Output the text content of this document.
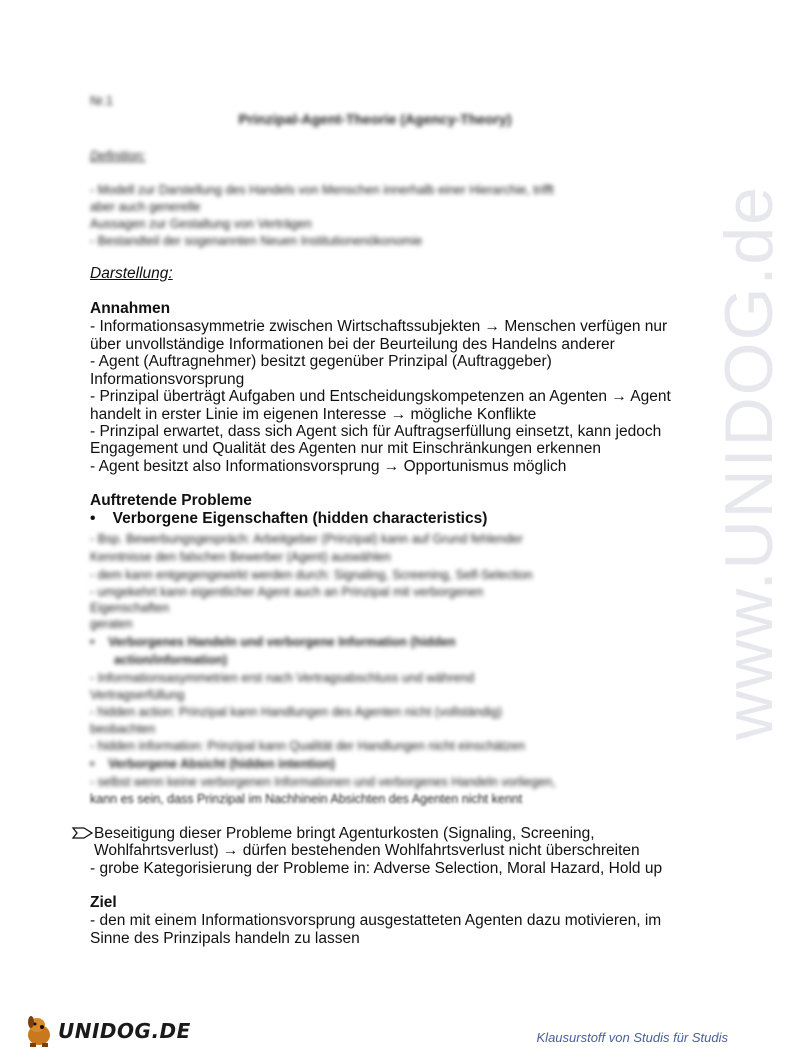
www.UNIDOG.de
Nr.1
Prinzipal-Agent-Theorie (Agency-Theory)
Definition:
- Modell zur Darstellung des Handels von Menschen innerhalb einer Hierarchie, trifft
aber auch generelle
Aussagen zur Gestaltung von Verträgen
- Bestandteil der sogenannten Neuen Institutionenökonomie
Darstellung:
Annahmen
- Informationsasymmetrie zwischen Wirtschaftssubjekten → Menschen verfügen nur
über unvollständige Informationen bei der Beurteilung des Handelns anderer
- Agent (Auftragnehmer) besitzt gegenüber Prinzipal (Auftraggeber)
Informationsvorsprung
- Prinzipal überträgt Aufgaben und Entscheidungskompetenzen an Agenten → Agent
handelt in erster Linie im eigenen Interesse → mögliche Konflikte
- Prinzipal erwartet, dass sich Agent sich für Auftragserfüllung einsetzt, kann jedoch
Engagement und Qualität des Agenten nur mit Einschränkungen erkennen
- Agent besitzt also Informationsvorsprung → Opportunismus möglich
Auftretende Probleme
• Verborgene Eigenschaften (hidden characteristics)
- Bsp. Bewerbungsgespräch: Arbeitgeber (Prinzipal) kann auf Grund fehlender
Kenntnisse den falschen Bewerber (Agent) auswählen
- dem kann entgegengewirkt werden durch: Signaling, Screening, Self-Selection
- umgekehrt kann eigentlicher Agent auch an Prinzipal mit verborgenen
Eigenschaften
geraten
•    Verborgenes Handeln und verborgene Information (hidden
action/information)
- Informationsasymmetrien erst nach Vertragsabschluss und während
Vertragserfüllung
- hidden action: Prinzipal kann Handlungen des Agenten nicht (vollständig)
beobachten
- hidden information: Prinzipal kann Qualität der Handlungen nicht einschätzen
•    Verborgene Absicht (hidden intention)
- selbst wenn keine verborgenen Informationen und verborgenes Handeln vorliegen,
kann es sein, dass Prinzipal im Nachhinein Absichten des Agenten nicht kennt
Beseitigung dieser Probleme bringt Agenturkosten (Signaling, Screening,
Wohlfahrtsverlust) → dürfen bestehenden Wohlfahrtsverlust nicht überschreiten
- grobe Kategorisierung der Probleme in: Adverse Selection, Moral Hazard, Hold up
Ziel
- den mit einem Informationsvorsprung ausgestatteten Agenten dazu motivieren, im
Sinne des Prinzipals handeln zu lassen
UNIDOG.DE	Klausurstoff von Studis für Studis
